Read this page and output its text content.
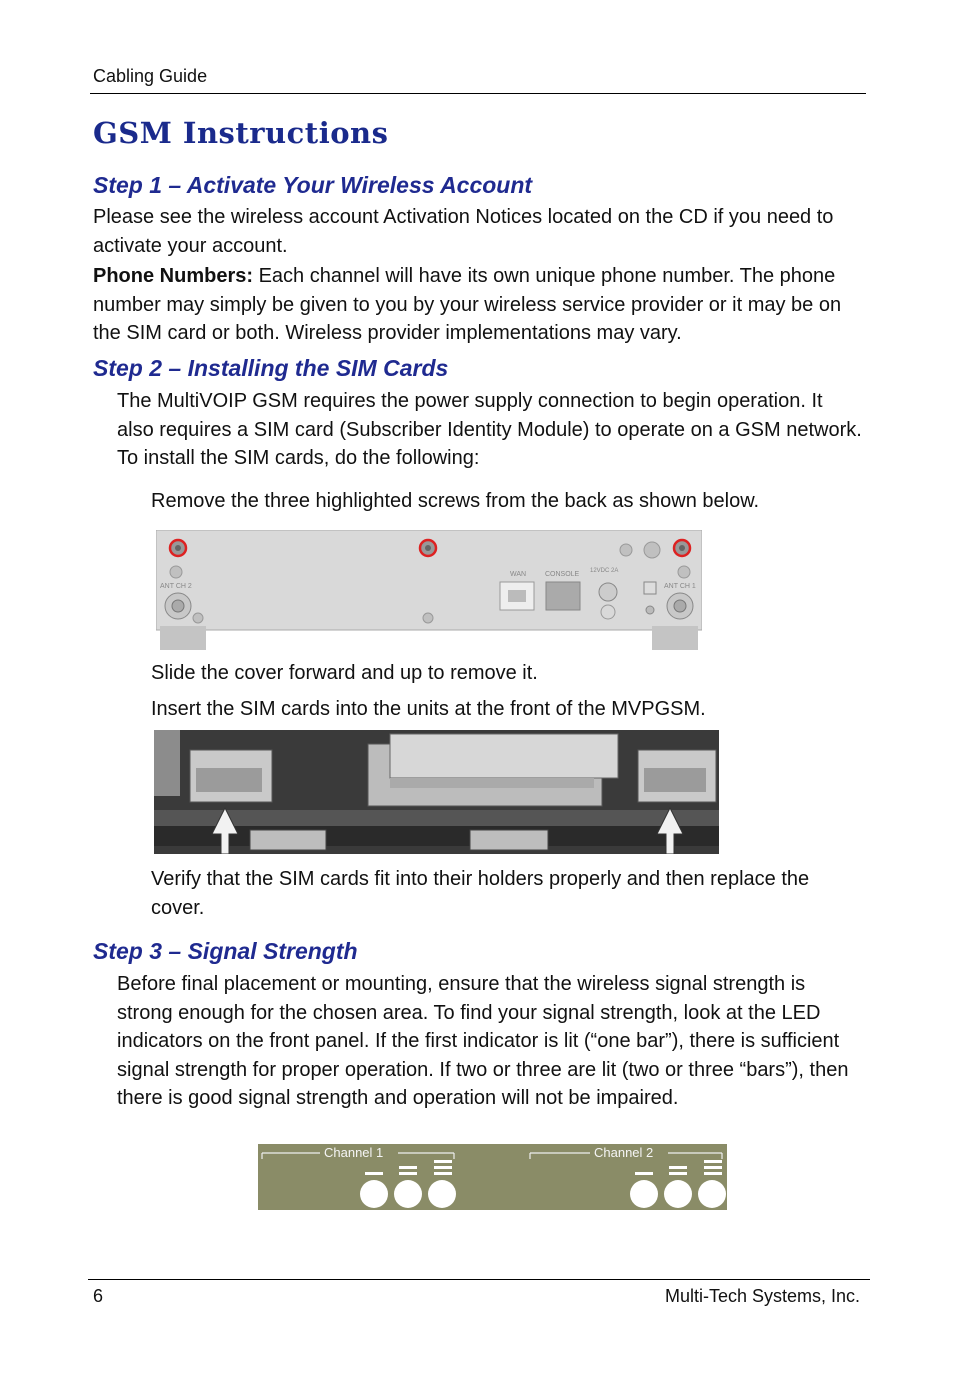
Cabling Guide
GSM Instructions
Step 1 – Activate Your Wireless Account
Please see the wireless account Activation Notices located on the CD if you need to activate your account.
Phone Numbers: Each channel will have its own unique phone number. The phone number may simply be given to you by your wireless service provider or it may be on the SIM card or both. Wireless provider implementations may vary.
Step 2 – Installing the SIM Cards
The MultiVOIP GSM requires the power supply connection to begin operation. It also requires a SIM card (Subscriber Identity Module) to operate on a GSM network. To install the SIM cards, do the following:
Remove the three highlighted screws from the back as shown below.
ANT CH 2	ANT CH 1
WAN	CONSOLE 12VDC 2A
Slide the cover forward and up to remove it.
Insert the SIM cards into the units at the front of the MVPGSM.
Verify that the SIM cards fit into their holders properly and then replace the cover.
Step 3 – Signal Strength
Before final placement or mounting, ensure that the wireless signal strength is strong enough for the chosen area. To find your signal strength, look at the LED indicators on the front panel. If the first indicator is lit (“one bar”), there is sufficient signal strength for proper operation. If two or three are lit (two or three “bars”), then there is good signal strength and operation will not be impaired.
Channel 1	Channel 2
6	Multi-Tech Systems, Inc.
